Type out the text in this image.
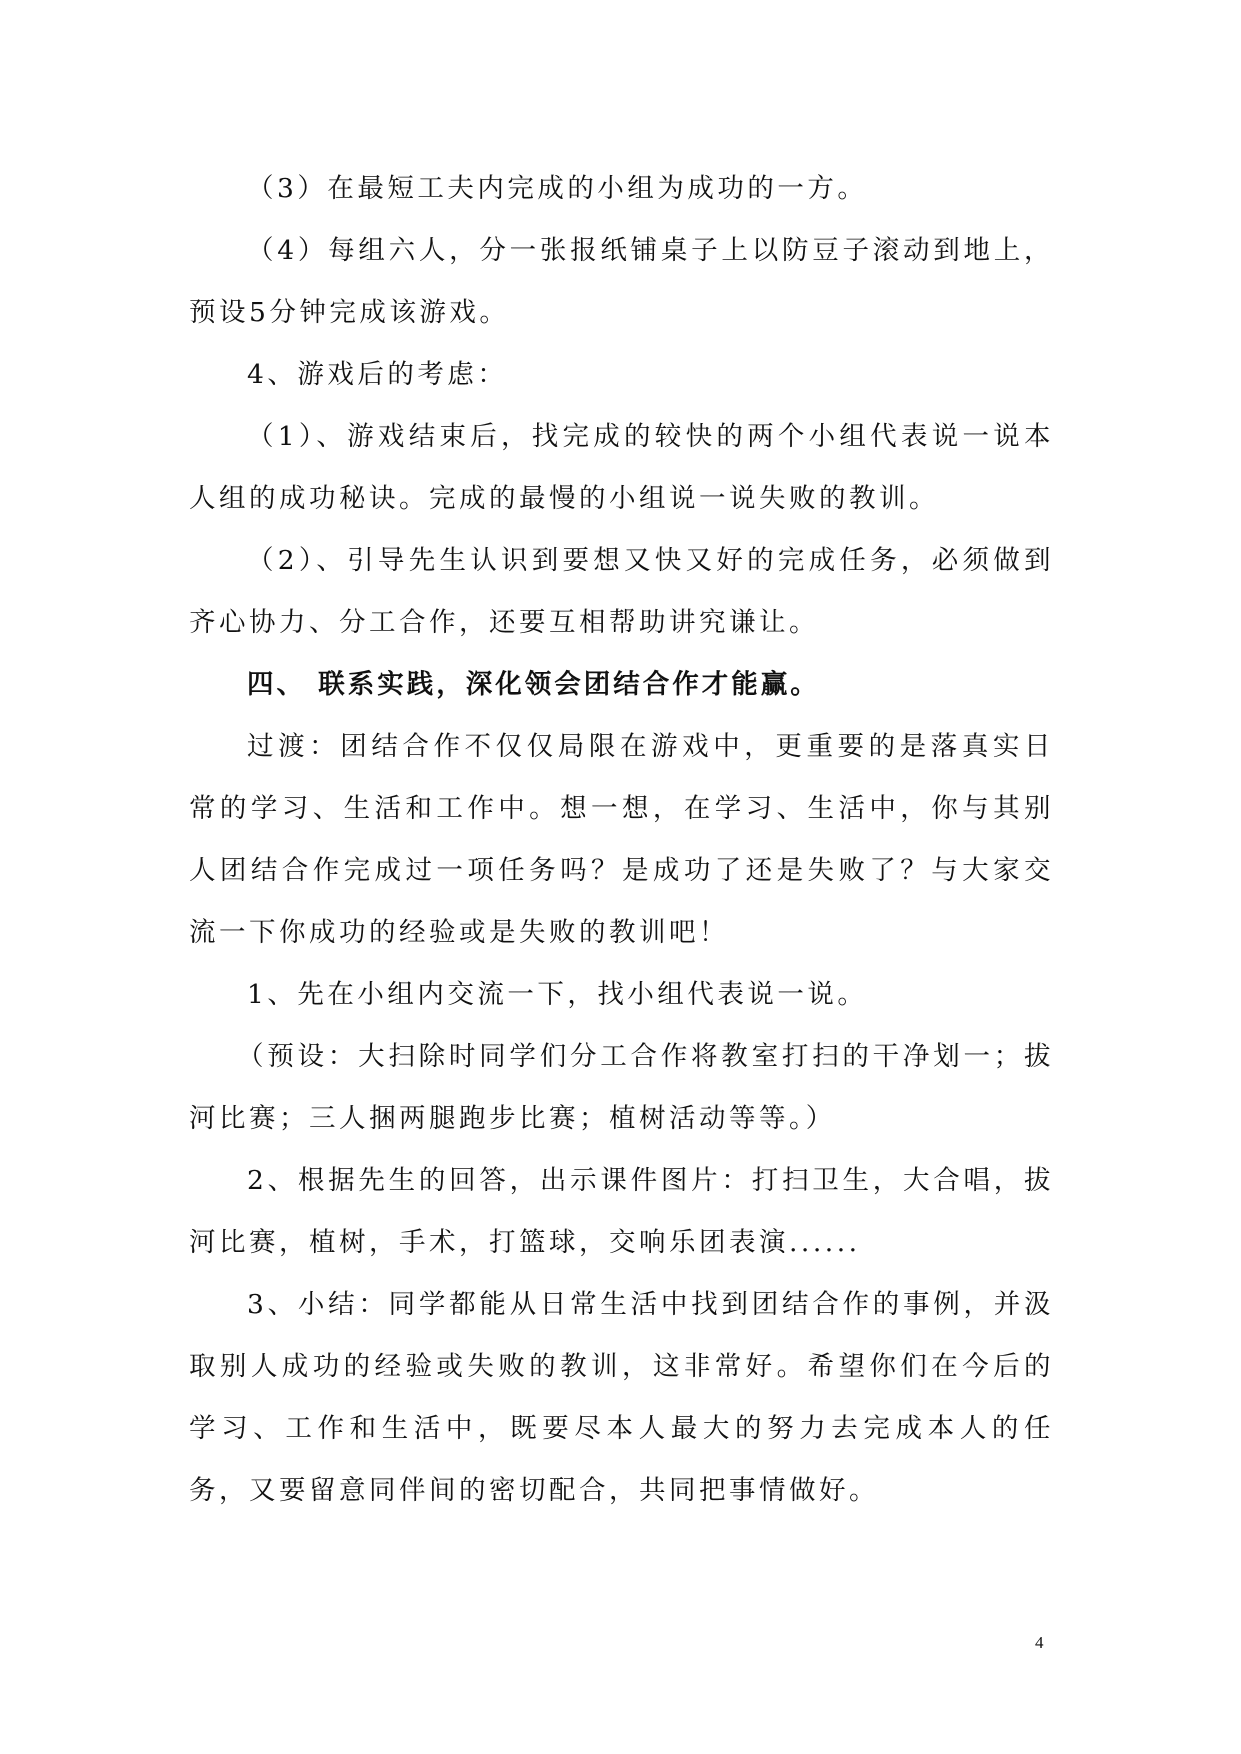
（3）在最短工夫内完成的小组为成功的一方。

（4）每组六人，分一张报纸铺桌子上以防豆子滚动到地上，预设5分钟完成该游戏。

4、游戏后的考虑：

（1）、游戏结束后，找完成的较快的两个小组代表说一说本人组的成功秘诀。完成的最慢的小组说一说失败的教训。

（2）、引导先生认识到要想又快又好的完成任务，必须做到齐心协力、分工合作，还要互相帮助讲究谦让。

四、 联系实践，深化领会团结合作才能赢。

过渡：团结合作不仅仅局限在游戏中，更重要的是落真实日常的学习、生活和工作中。想一想，在学习、生活中，你与其别人团结合作完成过一项任务吗？是成功了还是失败了？与大家交流一下你成功的经验或是失败的教训吧！

1、先在小组内交流一下，找小组代表说一说。

（预设：大扫除时同学们分工合作将教室打扫的干净划一；拔河比赛；三人捆两腿跑步比赛；植树活动等等。）

2、根据先生的回答，出示课件图片：打扫卫生，大合唱，拔河比赛，植树，手术，打篮球，交响乐团表演......

3、小结：同学都能从日常生活中找到团结合作的事例，并汲取别人成功的经验或失败的教训，这非常好。希望你们在今后的学习、工作和生活中，既要尽本人最大的努力去完成本人的任务，又要留意同伴间的密切配合，共同把事情做好。

4
